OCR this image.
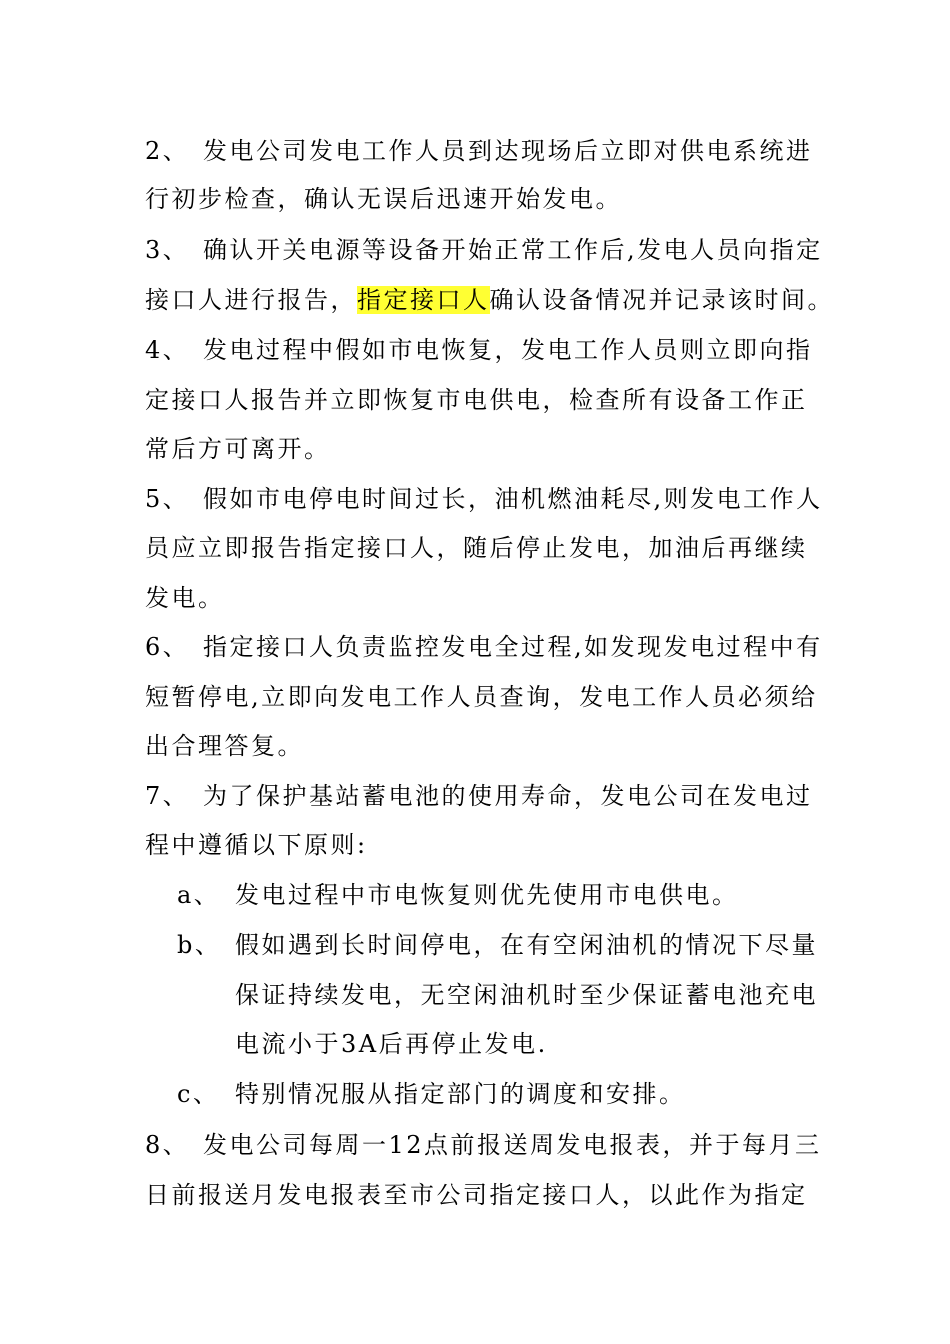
2、 发电公司发电工作人员到达现场后立即对供电系统进
行初步检查，确认无误后迅速开始发电。
3、 确认开关电源等设备开始正常工作后,发电人员向指定
接口人进行报告，指定接口人确认设备情况并记录该时间。
4、 发电过程中假如市电恢复，发电工作人员则立即向指
定接口人报告并立即恢复市电供电，检查所有设备工作正
常后方可离开。
5、 假如市电停电时间过长，油机燃油耗尽,则发电工作人
员应立即报告指定接口人，随后停止发电，加油后再继续
发电。
6、 指定接口人负责监控发电全过程,如发现发电过程中有
短暂停电,立即向发电工作人员查询，发电工作人员必须给
出合理答复。
7、 为了保护基站蓄电池的使用寿命，发电公司在发电过
程中遵循以下原则:
a、 发电过程中市电恢复则优先使用市电供电。
b、 假如遇到长时间停电，在有空闲油机的情况下尽量
保证持续发电，无空闲油机时至少保证蓄电池充电
电流小于3A后再停止发电.
c、 特别情况服从指定部门的调度和安排。
8、 发电公司每周一12点前报送周发电报表，并于每月三
日前报送月发电报表至市公司指定接口人，以此作为指定
